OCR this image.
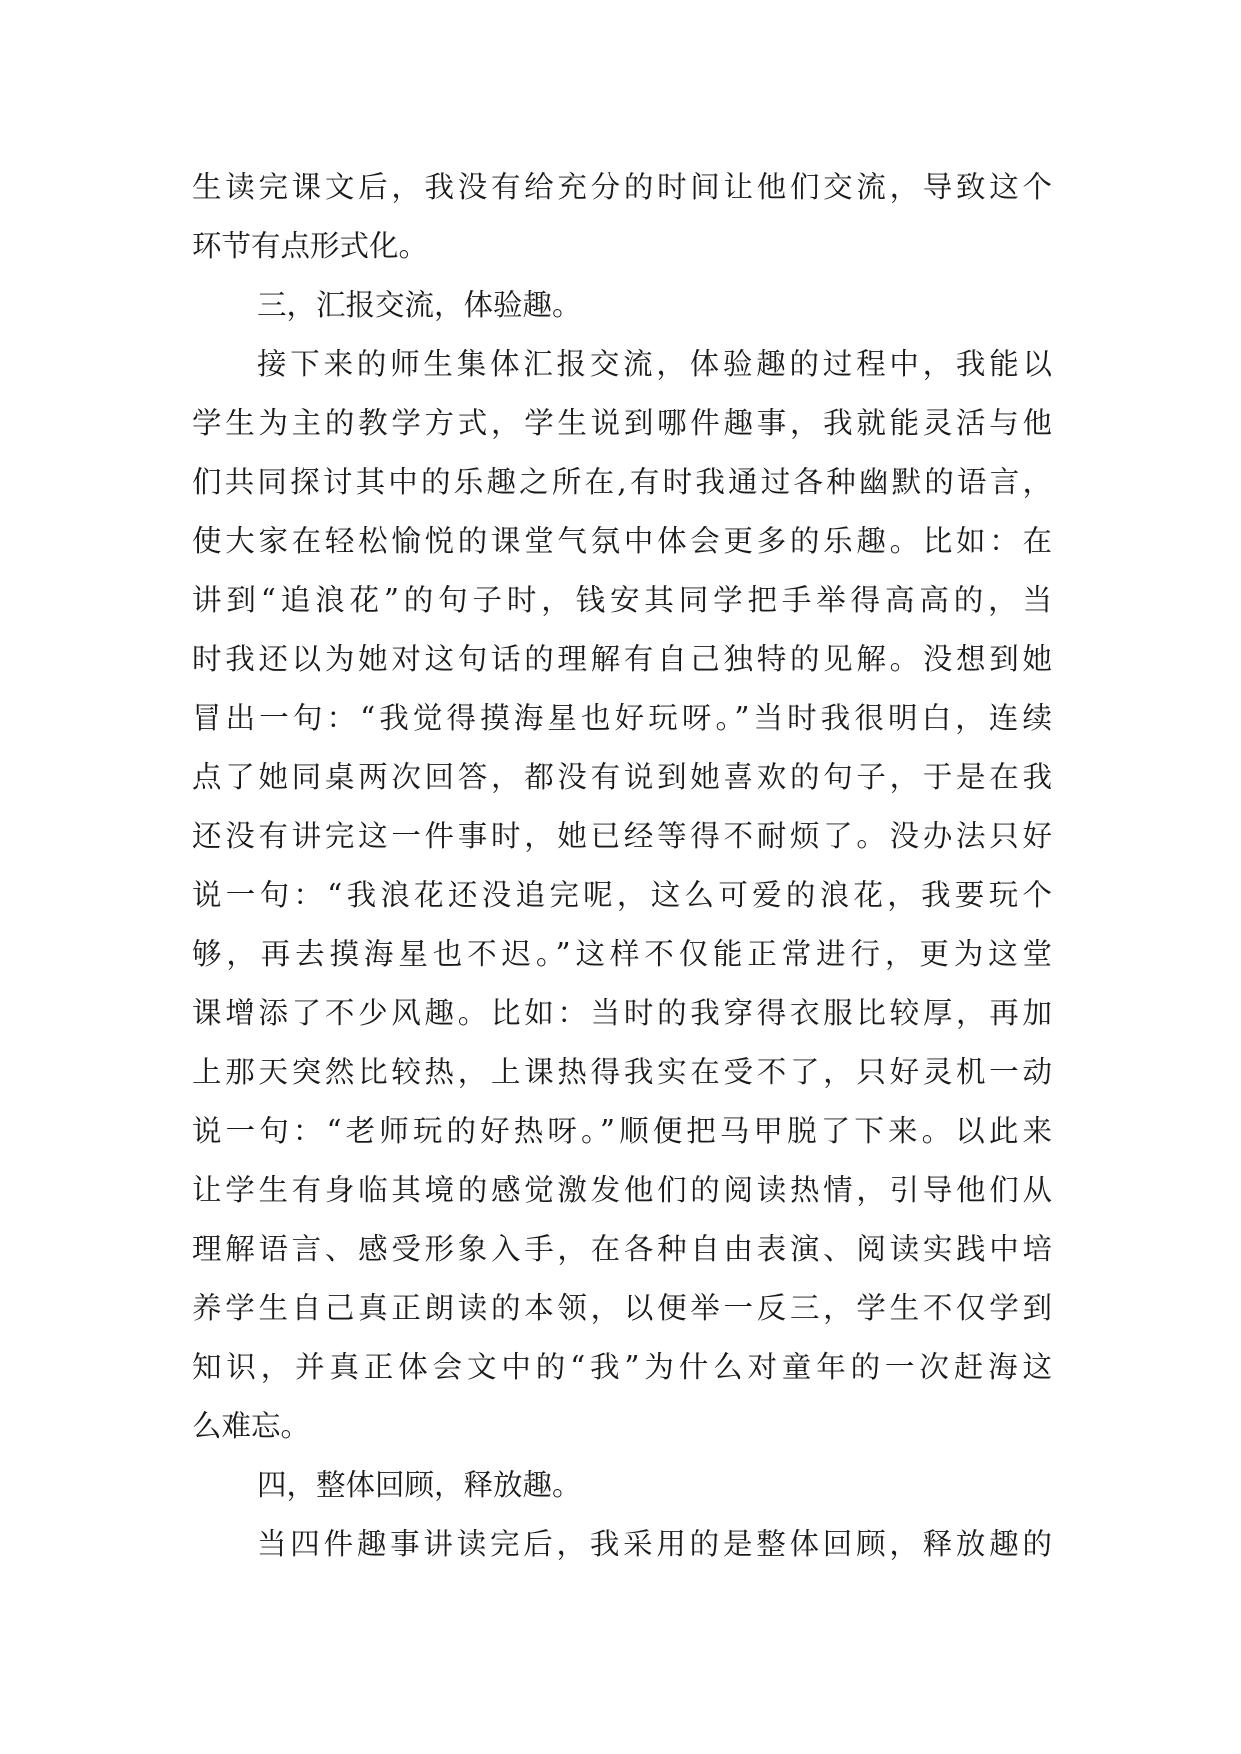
生读完课文后，我没有给充分的时间让他们交流，导致这个
环节有点形式化。
三，汇报交流，体验趣。
接下来的师生集体汇报交流，体验趣的过程中，我能以
学生为主的教学方式，学生说到哪件趣事，我就能灵活与他
们共同探讨其中的乐趣之所在,有时我通过各种幽默的语言，
使大家在轻松愉悦的课堂气氛中体会更多的乐趣。比如：在
讲到“追浪花”的句子时，钱安其同学把手举得高高的，当
时我还以为她对这句话的理解有自己独特的见解。没想到她
冒出一句：“我觉得摸海星也好玩呀。”当时我很明白，连续
点了她同桌两次回答，都没有说到她喜欢的句子，于是在我
还没有讲完这一件事时，她已经等得不耐烦了。没办法只好
说一句：“我浪花还没追完呢，这么可爱的浪花，我要玩个
够，再去摸海星也不迟。”这样不仅能正常进行，更为这堂
课增添了不少风趣。比如：当时的我穿得衣服比较厚，再加
上那天突然比较热，上课热得我实在受不了，只好灵机一动
说一句：“老师玩的好热呀。”顺便把马甲脱了下来。以此来
让学生有身临其境的感觉激发他们的阅读热情，引导他们从
理解语言、感受形象入手，在各种自由表演、阅读实践中培
养学生自己真正朗读的本领，以便举一反三，学生不仅学到
知识，并真正体会文中的“我”为什么对童年的一次赶海这
么难忘。
四，整体回顾，释放趣。
当四件趣事讲读完后，我采用的是整体回顾，释放趣的
